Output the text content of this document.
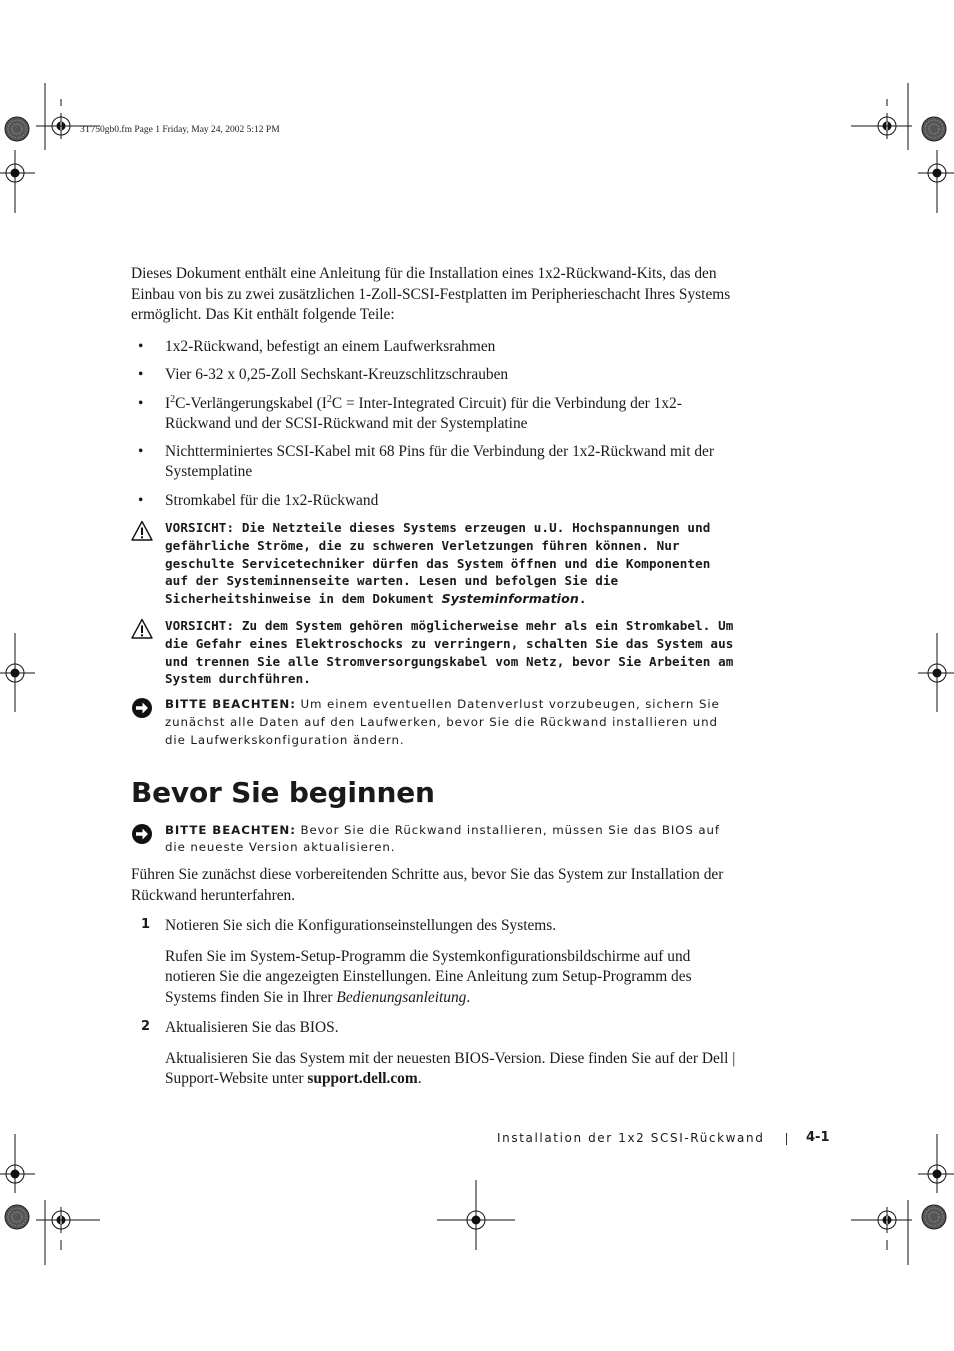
3T750gb0.fm Page 1 Friday, May 24, 2002 5:12 PM

Dieses Dokument enthält eine Anleitung für die Installation eines 1x2-Rückwand-Kits, das den Einbau von bis zu zwei zusätzlichen 1-Zoll-SCSI-Festplatten im Peripherieschacht Ihres Systems ermöglicht. Das Kit enthält folgende Teile:

• 1x2-Rückwand, befestigt an einem Laufwerksrahmen
• Vier 6-32 x 0,25-Zoll Sechskant-Kreuzschlitzschrauben
• $I^2C$-Verlängerungskabel ($I^2C$ = Inter-Integrated Circuit) für die Verbindung der 1x2-Rückwand und der SCSI-Rückwand mit der Systemplatine
• Nichtterminiertes SCSI-Kabel mit 68 Pins für die Verbindung der 1x2-Rückwand mit der Systemplatine
• Stromkabel für die 1x2-Rückwand
VORSICHT: Die Netzteile dieses Systems erzeugen u.U. Hochspannungen und gefährliche Ströme, die zu schweren Verletzungen führen können. Nur geschulte Servicetechniker dürfen das System öffnen und die Komponenten auf der Systeminnenseite warten. Lesen und befolgen Sie die Sicherheitshinweise in dem Dokument Systeminformation.
VORSICHT: Zu dem System gehören möglicherweise mehr als ein Stromkabel. Um die Gefahr eines Elektroschocks zu verringern, schalten Sie das System aus und trennen Sie alle Stromversorgungskabel vom Netz, bevor Sie Arbeiten am System durchführen.
BITTE BEACHTEN: Um einem eventuellen Datenverlust vorzubeugen, sichern Sie zunächst alle Daten auf den Laufwerken, bevor Sie die Rückwand installieren und die Laufwerkskonfiguration ändern.
Bevor Sie beginnen
BITTE BEACHTEN: Bevor Sie die Rückwand installieren, müssen Sie das BIOS auf die neueste Version aktualisieren.

Führen Sie zunächst diese vorbereitenden Schritte aus, bevor Sie das System zur Installation der Rückwand herunterfahren.

1 Notieren Sie sich die Konfigurationseinstellungen des Systems.
Rufen Sie im System-Setup-Programm die Systemkonfigurationsbildschirme auf und notieren Sie die angezeigten Einstellungen. Eine Anleitung zum Setup-Programm des Systems finden Sie in Ihrer Bedienungsanleitung.
2 Aktualisieren Sie das BIOS.
Aktualisieren Sie das System mit der neuesten BIOS-Version. Diese finden Sie auf der Dell | Support-Website unter support.dell.com.
Installation der 1x2 SCSI-Rückwand	4-1
